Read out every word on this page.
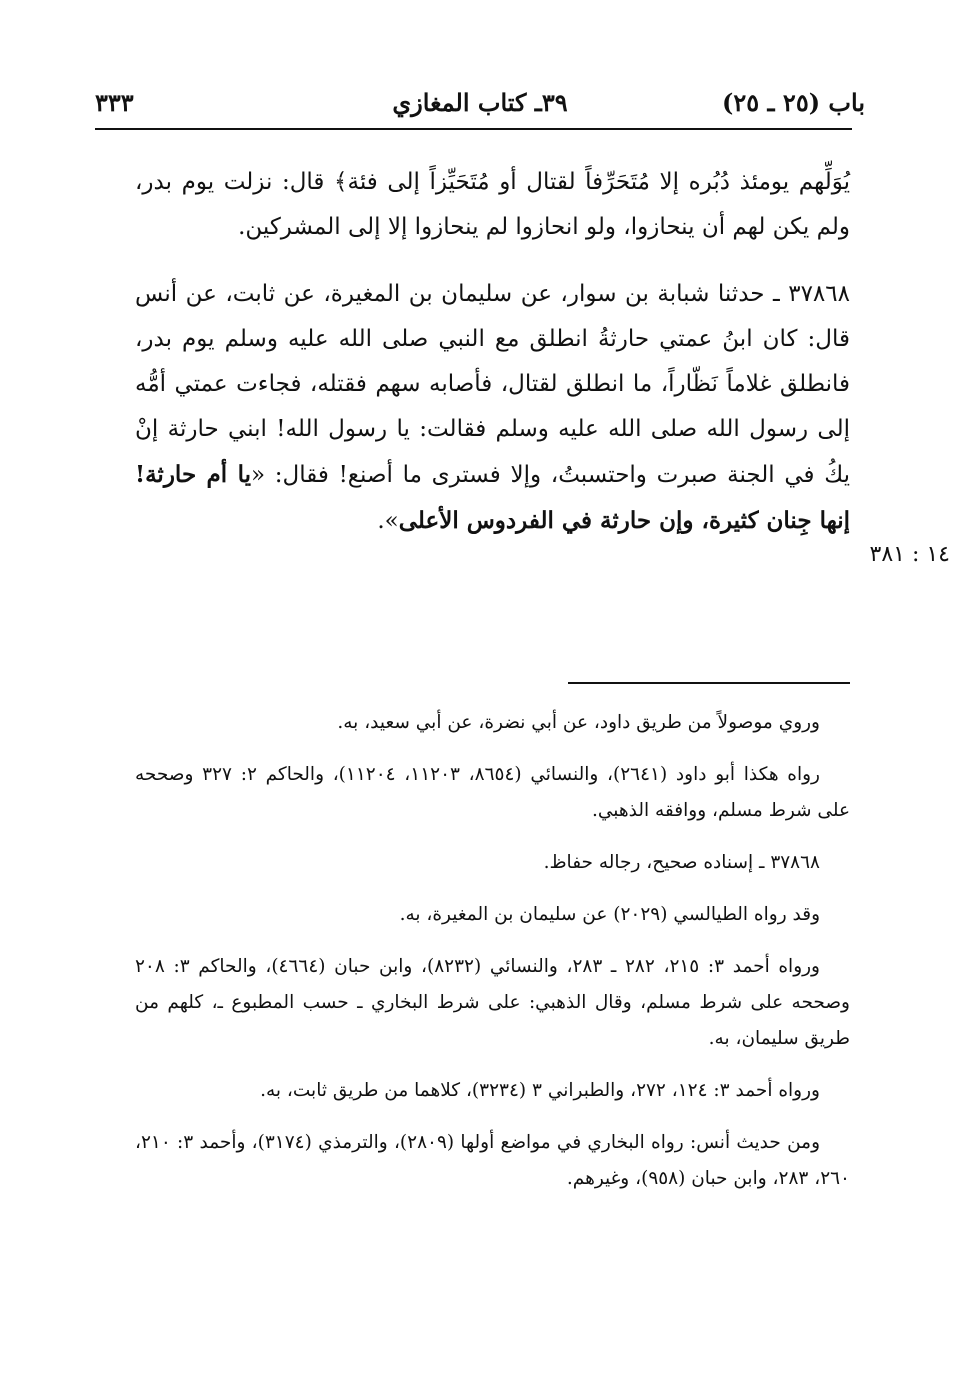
باب (٢٥ ـ ٢٥)
٣٩ـ كتاب المغازي
٣٣٣

يُوَلِّهم يومئذ دُبُره إلا مُتَحَرِّفاً لقتال أو مُتَحَيِّزاً إلى فئة﴾ قال: نزلت يوم بدر، ولم يكن لهم أن ينحازوا، ولو انحازوا لم ينحازوا إلا إلى المشركين.

٣٧٨٦٨ ـ حدثنا شبابة بن سوار، عن سليمان بن المغيرة، عن ثابت، عن أنس قال: كان ابنُ عمتي حارثةُ انطلق مع النبي صلى الله عليه وسلم يوم بدر، فانطلق غلاماً نَظّاراً، ما انطلق لقتال، فأصابه سهم فقتله، فجاءت عمتي أمُّه إلى رسول الله صلى الله عليه وسلم فقالت: يا رسول الله! ابني حارثة إنْ يكُ في الجنة صبرت واحتسبتُ، وإلا فسترى ما أصنع! فقال: «يا أم حارثة! إنها جِنان كثيرة، وإن حارثة في الفردوس الأعلى».

١٤ : ٣٨١

وروي موصولاً من طريق داود، عن أبي نضرة، عن أبي سعيد، به.

رواه هكذا أبو داود (٢٦٤١)، والنسائي (٨٦٥٤، ١١٢٠٣، ١١٢٠٤)، والحاكم ٢: ٣٢٧ وصححه على شرط مسلم، ووافقه الذهبي.

٣٧٨٦٨ ـ إسناده صحيح، رجاله حفاظ.

وقد رواه الطيالسي (٢٠٢٩) عن سليمان بن المغيرة، به.

ورواه أحمد ٣: ٢١٥، ٢٨٢ ـ ٢٨٣، والنسائي (٨٢٣٢)، وابن حبان (٤٦٦٤)، والحاكم ٣: ٢٠٨ وصححه على شرط مسلم، وقال الذهبي: على شرط البخاري ـ حسب المطبوع ـ، كلهم من طريق سليمان، به.

ورواه أحمد ٣: ١٢٤، ٢٧٢، والطبراني ٣ (٣٢٣٤)، كلاهما من طريق ثابت، به.

ومن حديث أنس: رواه البخاري في مواضع أولها (٢٨٠٩)، والترمذي (٣١٧٤)، وأحمد ٣: ٢١٠، ٢٦٠، ٢٨٣، وابن حبان (٩٥٨)، وغيرهم.
